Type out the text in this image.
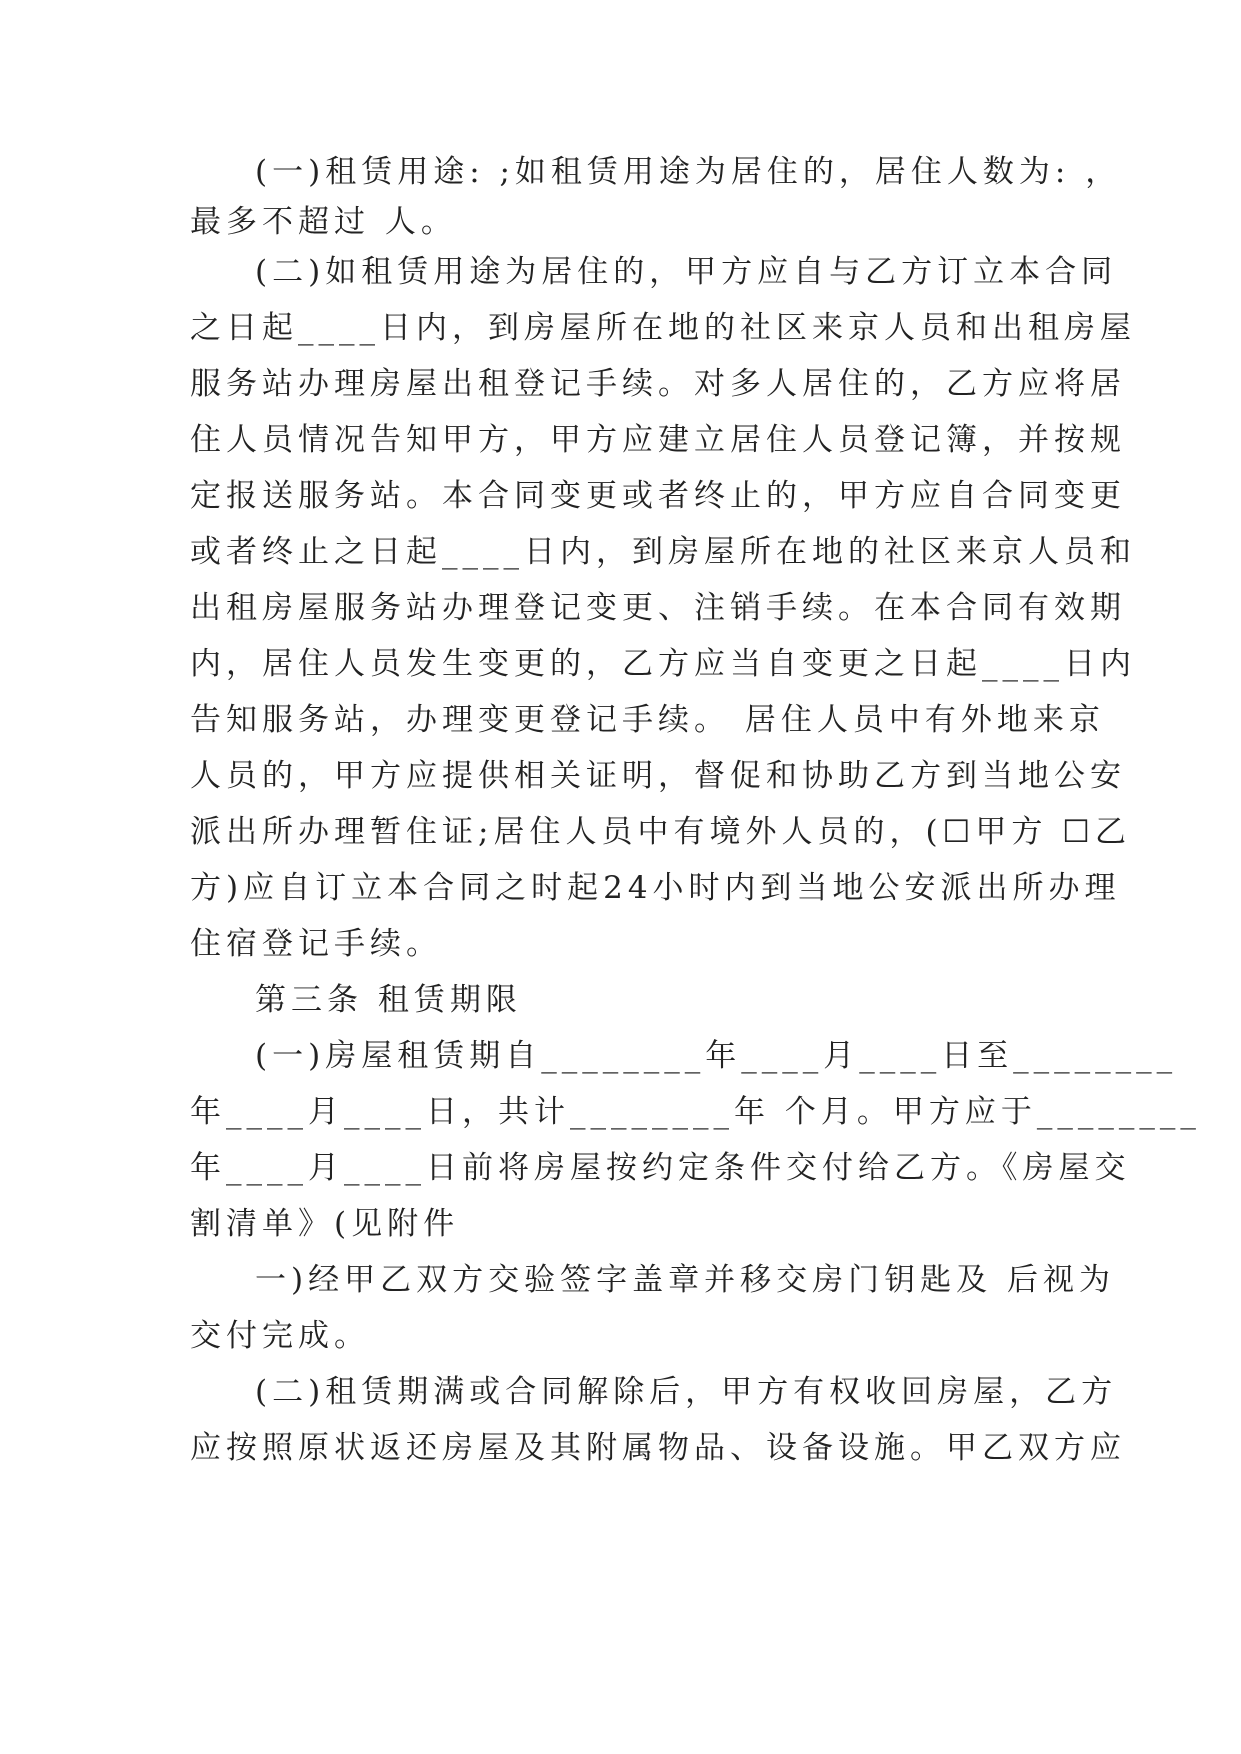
(一)租赁用途: ;如租赁用途为居住的，居住人数为: ，
最多不超过 人。
(二)如租赁用途为居住的，甲方应自与乙方订立本合同
之日起____日内，到房屋所在地的社区来京人员和出租房屋
服务站办理房屋出租登记手续。对多人居住的，乙方应将居
住人员情况告知甲方，甲方应建立居住人员登记簿，并按规
定报送服务站。本合同变更或者终止的，甲方应自合同变更
或者终止之日起____日内，到房屋所在地的社区来京人员和
出租房屋服务站办理登记变更、注销手续。在本合同有效期
内，居住人员发生变更的，乙方应当自变更之日起____日内
告知服务站，办理变更登记手续。 居住人员中有外地来京
人员的，甲方应提供相关证明，督促和协助乙方到当地公安
派出所办理暂住证;居住人员中有境外人员的，(☐甲方 ☐乙
方)应自订立本合同之时起24小时内到当地公安派出所办理
住宿登记手续。
第三条 租赁期限
(一)房屋租赁期自________年____月____日至________
年____月____日，共计________年 个月。甲方应于________
年____月____日前将房屋按约定条件交付给乙方。《房屋交
割清单》(见附件
一)经甲乙双方交验签字盖章并移交房门钥匙及 后视为
交付完成。
(二)租赁期满或合同解除后，甲方有权收回房屋，乙方
应按照原状返还房屋及其附属物品、设备设施。甲乙双方应
